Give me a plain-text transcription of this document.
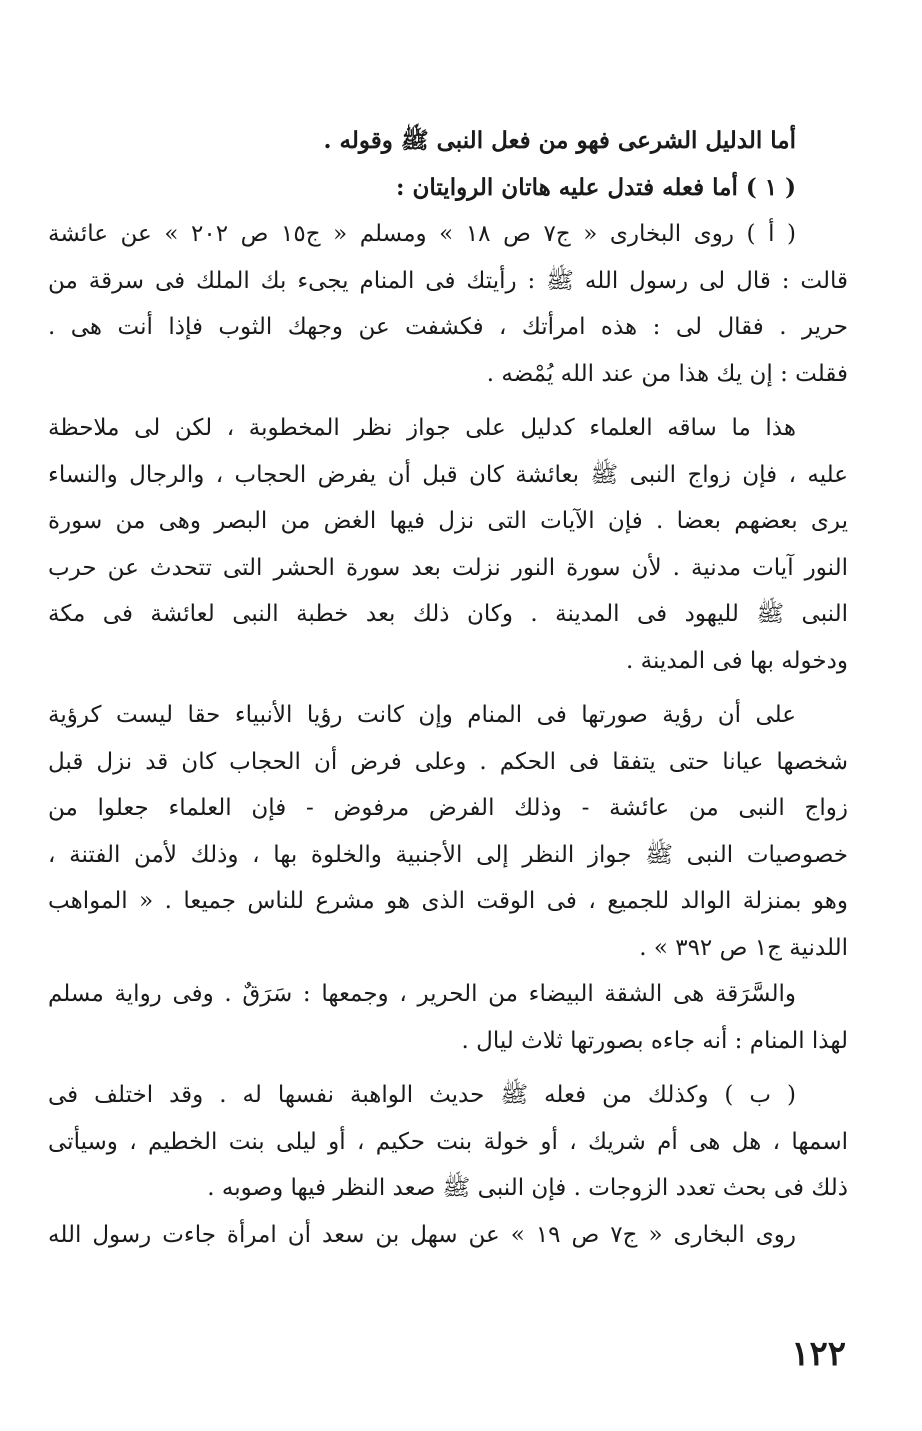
أما الدليل الشرعى فهو من فعل النبى ﷺ وقوله .

( ١ ) أما فعله فتدل عليه هاتان الروايتان :

( أ ) روى البخارى « ج٧ ص ١٨ » ومسلم « ج١٥ ص ٢٠٢ » عن عائشة
قالت : قال لى رسول الله ﷺ : رأيتك فى المنام يجىء بك الملك فى سرقة من
حرير . فقال لى : هذه امرأتك ، فكشفت عن وجهك الثوب فإذا أنت هى .
فقلت : إن يك هذا من عند الله يُمْضه .

هذا ما ساقه العلماء كدليل على جواز نظر المخطوبة ، لكن لى ملاحظة
عليه ، فإن زواج النبى ﷺ بعائشة كان قبل أن يفرض الحجاب ، والرجال والنساء
يرى بعضهم بعضا . فإن الآيات التى نزل فيها الغض من البصر وهى من سورة
النور آيات مدنية . لأن سورة النور نزلت بعد سورة الحشر التى تتحدث عن حرب
النبى ﷺ لليهود فى المدينة . وكان ذلك بعد خطبة النبى لعائشة فى مكة
ودخوله بها فى المدينة .

على أن رؤية صورتها فى المنام وإن كانت رؤيا الأنبياء حقا ليست كرؤية
شخصها عيانا حتى يتفقا فى الحكم . وعلى فرض أن الحجاب كان قد نزل قبل
زواج النبى من عائشة - وذلك الفرض مرفوض - فإن العلماء جعلوا من
خصوصيات النبى ﷺ جواز النظر إلى الأجنبية والخلوة بها ، وذلك لأمن الفتنة ،
وهو بمنزلة الوالد للجميع ، فى الوقت الذى هو مشرع للناس جميعا . « المواهب
اللدنية ج١ ص ٣٩٢ » .

والسَّرَقة هى الشقة البيضاء من الحرير ، وجمعها : سَرَقٌ . وفى رواية مسلم
لهذا المنام : أنه جاءه بصورتها ثلاث ليال .

( ب ) وكذلك من فعله ﷺ حديث الواهبة نفسها له . وقد اختلف فى
اسمها ، هل هى أم شريك ، أو خولة بنت حكيم ، أو ليلى بنت الخطيم ، وسيأتى
ذلك فى بحث تعدد الزوجات . فإن النبى ﷺ صعد النظر فيها وصوبه .

روى البخارى « ج٧ ص ١٩ » عن سهل بن سعد أن امرأة جاءت رسول الله

١٢٢
